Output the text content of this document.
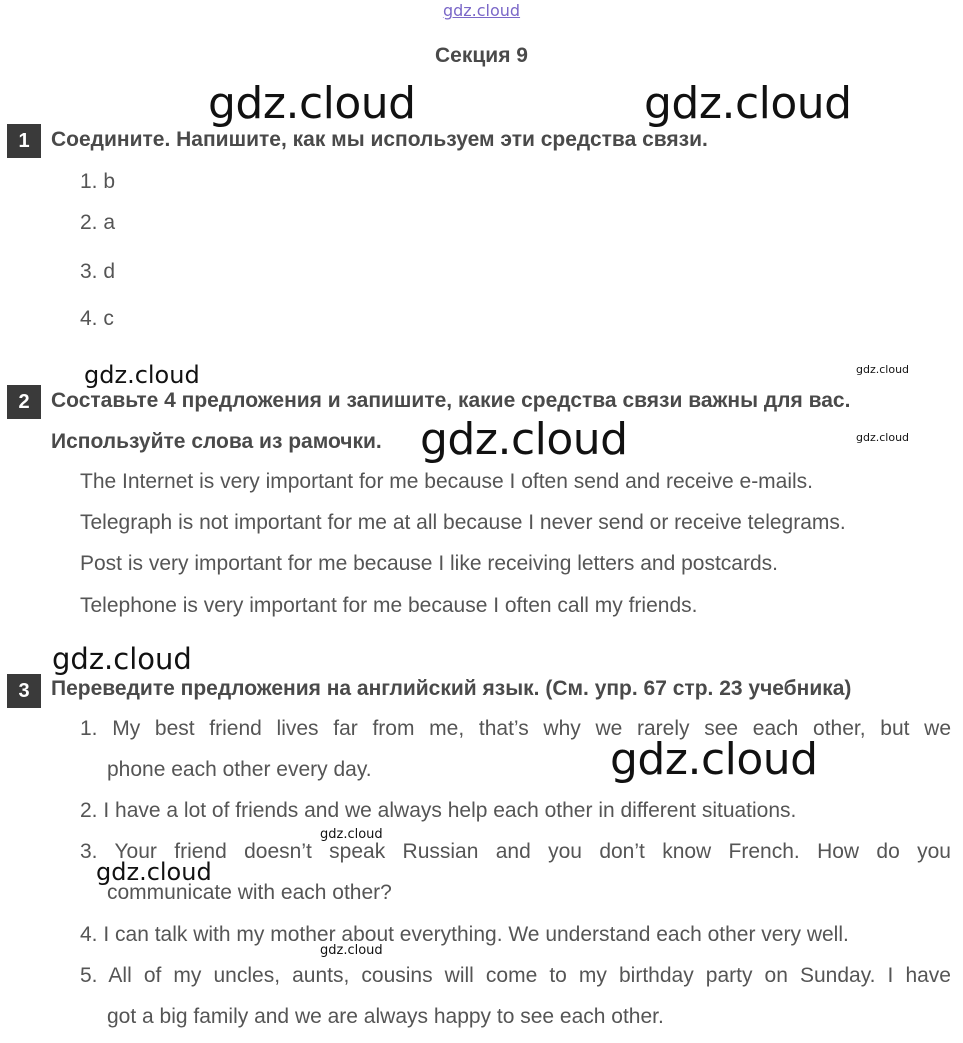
gdz.cloud
Секция 9
1	Соедините. Напишите, как мы используем эти средства связи.
1. b
2. a
3. d
4. c
2	Составьте 4 предложения и запишите, какие средства связи важны для вас.
Используйте слова из рамочки.
The Internet is very important for me because I often send and receive e-mails.
Telegraph is not important for me at all because I never send or receive telegrams.
Post is very important for me because I like receiving letters and postcards.
Telephone is very important for me because I often call my friends.
3	Переведите предложения на английский язык. (См. упр. 67 стр. 23 учебника)
1. My best friend lives far from me, that’s why we rarely see each other, but we
phone each other every day.
2. I have a lot of friends and we always help each other in different situations.
3. Your friend doesn’t speak Russian and you don’t know French. How do you
communicate with each other?
4. I can talk with my mother about everything. We understand each other very well.
5. All of my uncles, aunts, cousins will come to my birthday party on Sunday. I have
got a big family and we are always happy to see each other.
gdz.cloud	gdz.cloud
gdz.cloud
gdz.cloud
gdz.cloud
gdz.cloud
gdz.cloud
gdz.cloud
gdz.cloud
gdz.cloud
gdz.cloud
